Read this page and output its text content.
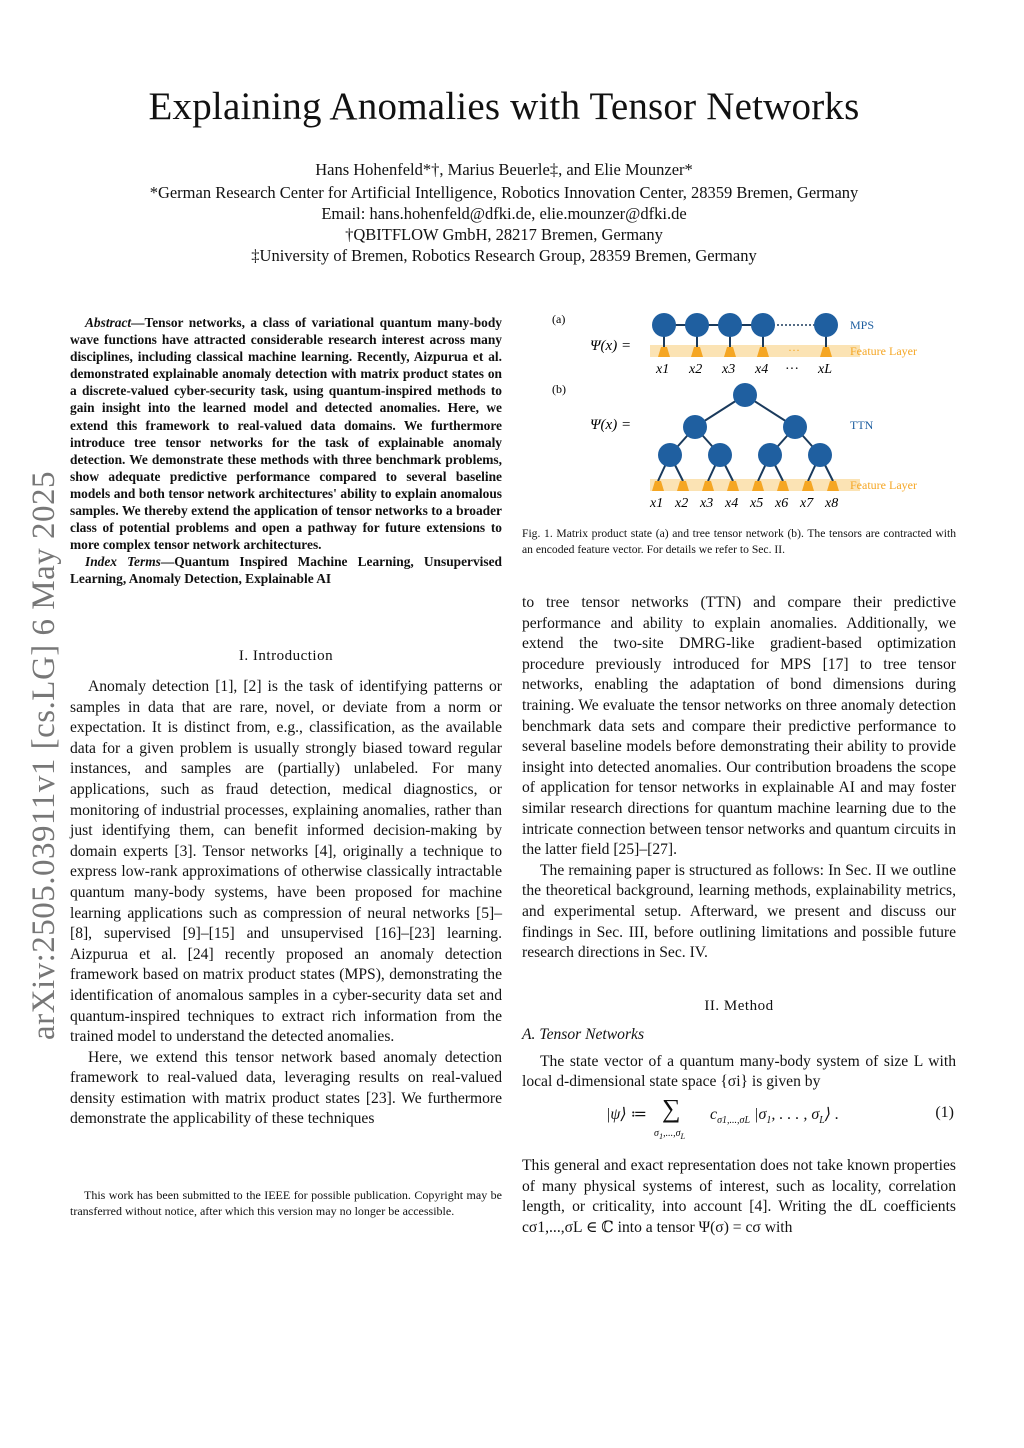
Explaining Anomalies with Tensor Networks
Hans Hohenfeld*†, Marius Beuerle‡, and Elie Mounzer*
*German Research Center for Artificial Intelligence, Robotics Innovation Center, 28359 Bremen, Germany
Email: hans.hohenfeld@dfki.de, elie.mounzer@dfki.de
†QBITFLOW GmbH, 28217 Bremen, Germany
‡University of Bremen, Robotics Research Group, 28359 Bremen, Germany
arXiv:2505.03911v1 [cs.LG] 6 May 2025

Abstract—Tensor networks, a class of variational quantum many-body wave functions have attracted considerable research interest across many disciplines, including classical machine learning. Recently, Aizpurua et al. demonstrated explainable anomaly detection with matrix product states on a discrete-valued cyber-security task, using quantum-inspired methods to gain insight into the learned model and detected anomalies. Here, we extend this framework to real-valued data domains. We furthermore introduce tree tensor networks for the task of explainable anomaly detection. We demonstrate these methods with three benchmark problems, show adequate predictive performance compared to several baseline models and both tensor network architectures' ability to explain anomalous samples. We thereby extend the application of tensor networks to a broader class of potential problems and open a pathway for future extensions to more complex tensor network architectures.

Index Terms—Quantum Inspired Machine Learning, Unsupervised Learning, Anomaly Detection, Explainable AI

I. Introduction

Anomaly detection [1], [2] is the task of identifying patterns or samples in data that are rare, novel, or deviate from a norm or expectation. It is distinct from, e.g., classification, as the available data for a given problem is usually strongly biased toward regular instances, and samples are (partially) unlabeled. For many applications, such as fraud detection, medical diagnostics, or monitoring of industrial processes, explaining anomalies, rather than just identifying them, can benefit informed decision-making by domain experts [3]. Tensor networks [4], originally a technique to express low-rank approximations of otherwise classically intractable quantum many-body systems, have been proposed for machine learning applications such as compression of neural networks [5]–[8], supervised [9]–[15] and unsupervised [16]–[23] learning. Aizpurua et al. [24] recently proposed an anomaly detection framework based on matrix product states (MPS), demonstrating the identification of anomalous samples in a cyber-security data set and quantum-inspired techniques to extract rich information from the trained model to understand the detected anomalies.

Here, we extend this tensor network based anomaly detection framework to real-valued data, leveraging results on real-valued density estimation with matrix product states [23]. We furthermore demonstrate the applicability of these techniques

This work has been submitted to the IEEE for possible publication. Copyright may be transferred without notice, after which this version may no longer be accessible.

(a)
(b)
Ψ(x) =
MPS
Feature Layer
···
x1 x2 x3 x4 ··· xL
Ψ(x) =	TTN
Feature Layer
x1 x2 x3 x4 x5 x6 x7 x8
Fig. 1. Matrix product state (a) and tree tensor network (b). The tensors are contracted with an encoded feature vector. For details we refer to Sec. II.

to tree tensor networks (TTN) and compare their predictive performance and ability to explain anomalies. Additionally, we extend the two-site DMRG-like gradient-based optimization procedure previously introduced for MPS [17] to tree tensor networks, enabling the adaptation of bond dimensions during training. We evaluate the tensor networks on three anomaly detection benchmark data sets and compare their predictive performance to several baseline models before demonstrating their ability to provide insight into detected anomalies. Our contribution broadens the scope of application for tensor networks in explainable AI and may foster similar research directions for quantum machine learning due to the intricate connection between tensor networks and quantum circuits in the latter field [25]–[27].

The remaining paper is structured as follows: In Sec. II we outline the theoretical background, learning methods, explainability metrics, and experimental setup. Afterward, we present and discuss our findings in Sec. III, before outlining limitations and possible future research directions in Sec. IV.

II. Method

A. Tensor Networks

The state vector of a quantum many-body system of size L with local d-dimensional state space {σi} is given by

|ψ⟩ ≔ ∑
$\sigma_1,...,\sigma_L$
$c_{\sigma 1,...,\sigma L}$ $|\sigma_1$, . . . , $\sigma_L⟩$ .	(1)

This general and exact representation does not take known properties of many physical systems of interest, such as locality, correlation length, or criticality, into account [4]. Writing the dL coefficients cσ1,...,σL ∈ ℂ into a tensor Ψ(σ) = cσ with
